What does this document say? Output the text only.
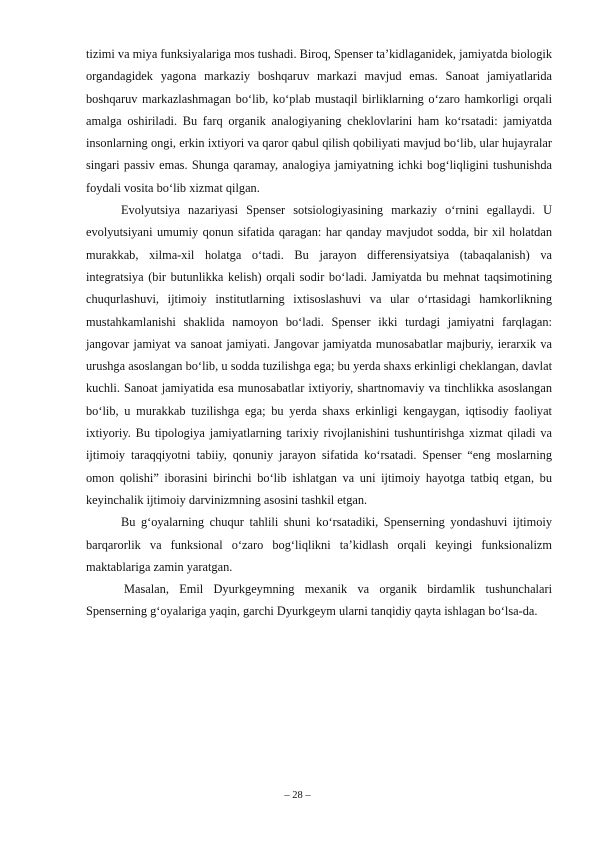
tizimi va miya funksiyalariga mos tushadi. Biroq, Spenser ta’kidlaganidek, jamiyatda biologik organdagidek yagona markaziy boshqaruv markazi mavjud emas. Sanoat jamiyatlarida boshqaruv markazlashmagan bo‘lib, ko‘plab mustaqil birliklarning o‘zaro hamkorligi orqali amalga oshiriladi. Bu farq organik analogiyaning cheklovlarini ham ko‘rsatadi: jamiyatda insonlarning ongi, erkin ixtiyori va qaror qabul qilish qobiliyati mavjud bo‘lib, ular hujayralar singari passiv emas. Shunga qaramay, analogiya jamiyatning ichki bog‘liqligini tushunishda foydali vosita bo‘lib xizmat qilgan.

Evolyutsiya nazariyasi Spenser sotsiologiyasining markaziy o‘rnini egallaydi. U evolyutsiyani umumiy qonun sifatida qaragan: har qanday mavjudot sodda, bir xil holatdan murakkab, xilma-xil holatga o‘tadi. Bu jarayon differensiyatsiya (tabaqalanish) va integratsiya (bir butunlikka kelish) orqali sodir bo‘ladi. Jamiyatda bu mehnat taqsimotining chuqurlashuvi, ijtimoiy institutlarning ixtisoslashuvi va ular o‘rtasidagi hamkorlikning mustahkamlanishi shaklida namoyon bo‘ladi. Spenser ikki turdagi jamiyatni farqlagan: jangovar jamiyat va sanoat jamiyati. Jangovar jamiyatda munosabatlar majburiy, ierarxik va urushga asoslangan bo‘lib, u sodda tuzilishga ega; bu yerda shaxs erkinligi cheklangan, davlat kuchli. Sanoat jamiyatida esa munosabatlar ixtiyoriy, shartnomaviy va tinchlikka asoslangan bo‘lib, u murakkab tuzilishga ega; bu yerda shaxs erkinligi kengaygan, iqtisodiy faoliyat ixtiyoriy. Bu tipologiya jamiyatlarning tarixiy rivojlanishini tushuntirishga xizmat qiladi va ijtimoiy taraqqiyotni tabiiy, qonuniy jarayon sifatida ko‘rsatadi. Spenser “eng moslarning omon qolishi” iborasini birinchi bo‘lib ishlatgan va uni ijtimoiy hayotga tatbiq etgan, bu keyinchalik ijtimoiy darvinizmning asosini tashkil etgan.

Bu g‘oyalarning chuqur tahlili shuni ko‘rsatadiki, Spenserning yondashuvi ijtimoiy barqarorlik va funksional o‘zaro bog‘liqlikni ta’kidlash orqali keyingi funksionalizm maktablariga zamin yaratgan.

Masalan, Emil Dyurkgeymning mexanik va organik birdamlik tushunchalari Spenserning g‘oyalariga yaqin, garchi Dyurkgeym ularni tanqidiy qayta ishlagan bo‘lsa-da.

– 28 –
